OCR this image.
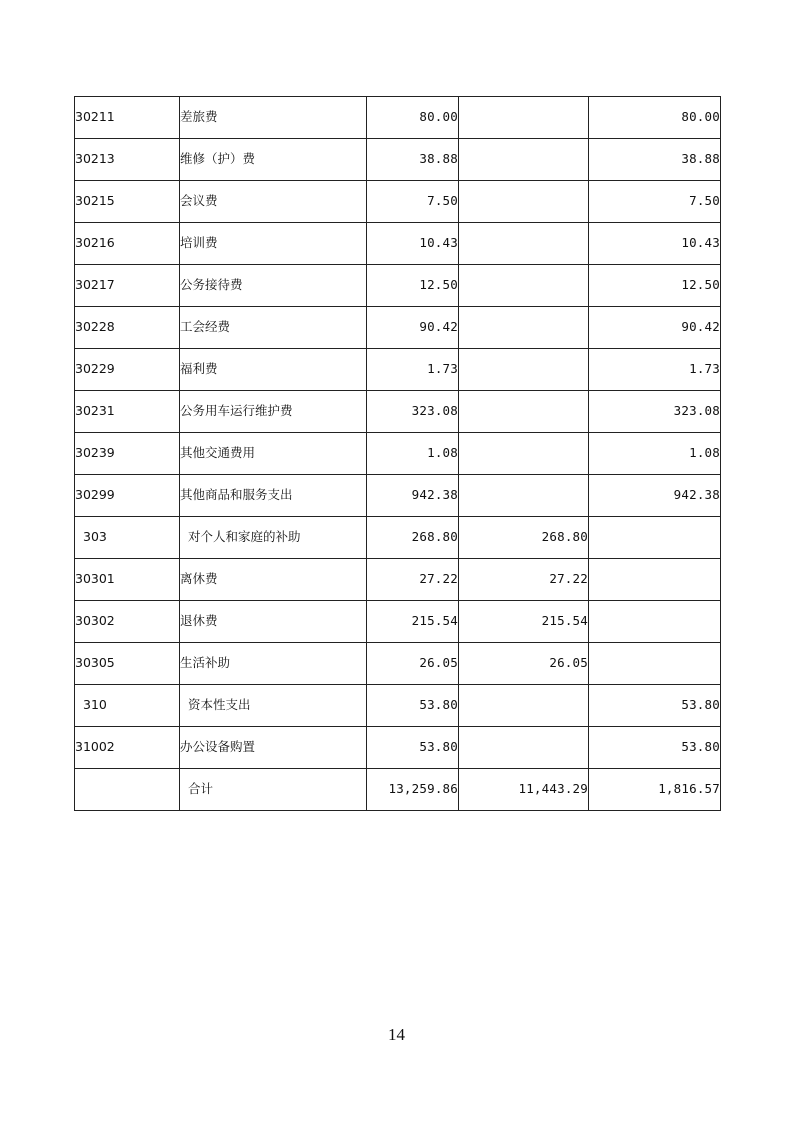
30211	差旅费	80.00		80.00
30213	维修（护）费	38.88		38.88
30215	会议费	7.50		7.50
30216	培训费	10.43		10.43
30217	公务接待费	12.50		12.50
30228	工会经费	90.42		90.42
30229	福利费	1.73		1.73
30231	公务用车运行维护费	323.08		323.08
30239	其他交通费用	1.08		1.08
30299	其他商品和服务支出	942.38		942.38
303	对个人和家庭的补助	268.80	268.80	
30301	离休费	27.22	27.22	
30302	退休费	215.54	215.54	
30305	生活补助	26.05	26.05	
310	资本性支出	53.80		53.80
31002	办公设备购置	53.80		53.80
	合计	13,259.86	11,443.29	1,816.57
14
